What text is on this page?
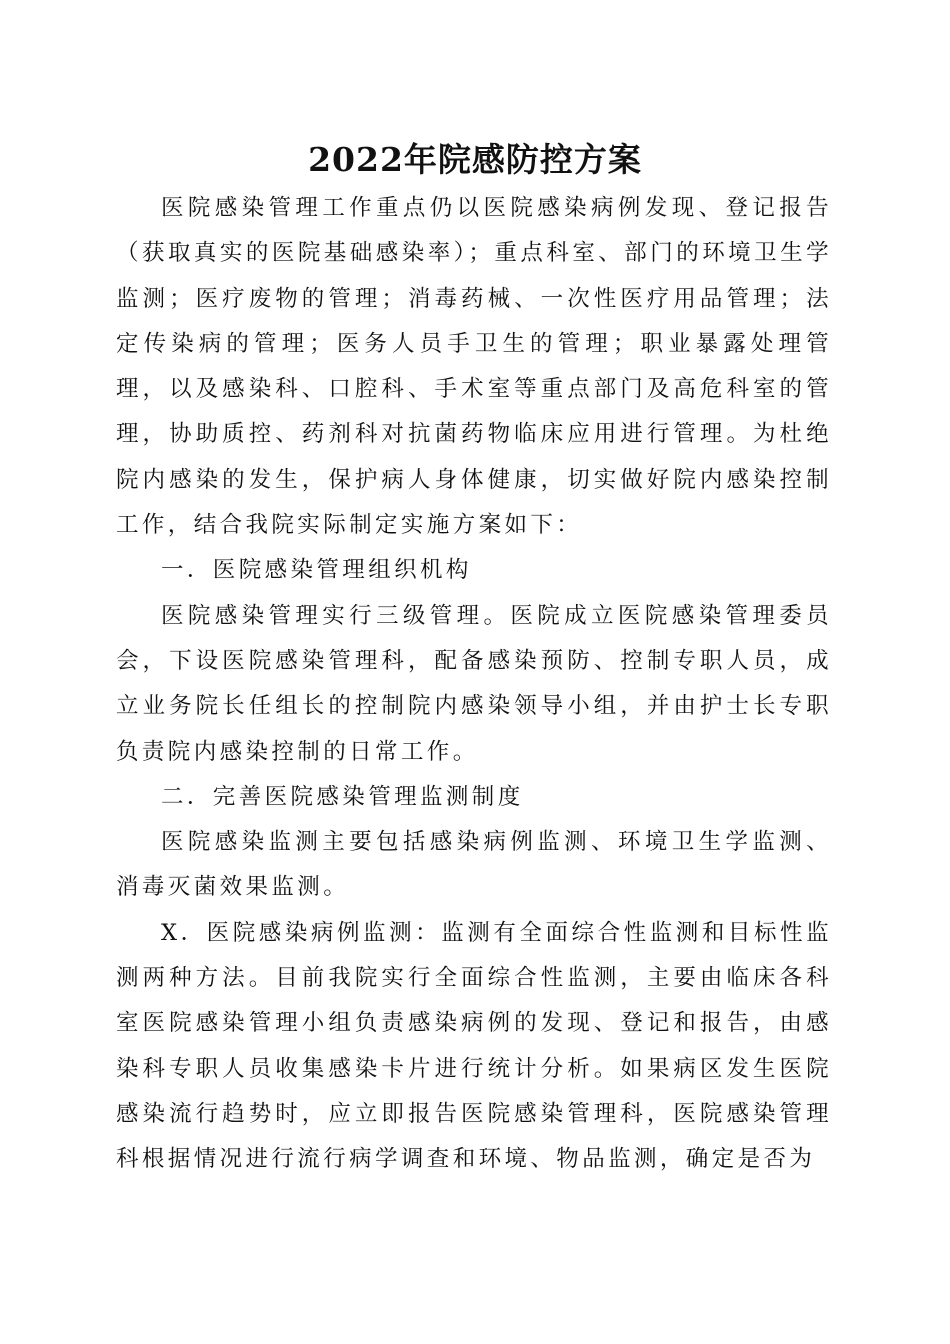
2022年院感防控方案

医院感染管理工作重点仍以医院感染病例发现、登记报告（获取真实的医院基础感染率）；重点科室、部门的环境卫生学监测；医疗废物的管理；消毒药械、一次性医疗用品管理；法定传染病的管理；医务人员手卫生的管理；职业暴露处理管理，以及感染科、口腔科、手术室等重点部门及高危科室的管理，协助质控、药剂科对抗菌药物临床应用进行管理。为杜绝院内感染的发生，保护病人身体健康，切实做好院内感染控制工作，结合我院实际制定实施方案如下：

一．医院感染管理组织机构

医院感染管理实行三级管理。医院成立医院感染管理委员会，下设医院感染管理科，配备感染预防、控制专职人员，成立业务院长任组长的控制院内感染领导小组，并由护士长专职负责院内感染控制的日常工作。

二．完善医院感染管理监测制度

医院感染监测主要包括感染病例监测、环境卫生学监测、消毒灭菌效果监测。

X．医院感染病例监测：监测有全面综合性监测和目标性监测两种方法。目前我院实行全面综合性监测，主要由临床各科室医院感染管理小组负责感染病例的发现、登记和报告，由感染科专职人员收集感染卡片进行统计分析。如果病区发生医院感染流行趋势时，应立即报告医院感染管理科，医院感染管理科根据情况进行流行病学调查和环境、物品监测，确定是否为
